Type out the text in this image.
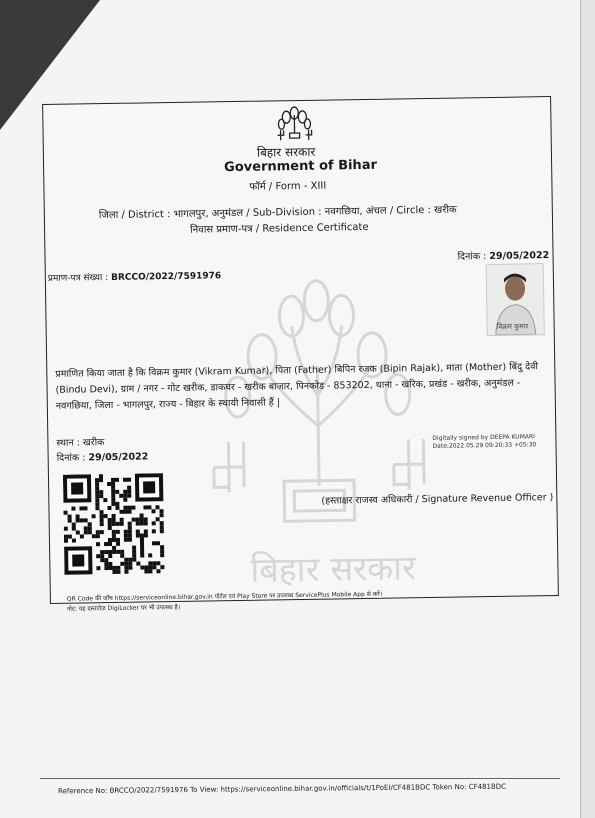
बिहार सरकार
बिहार सरकार
Government of Bihar
फॉर्म / Form - XIII
जिला / District : भागलपुर, अनुमंडल / Sub-Division : नवगछिया, अंचल / Circle : खरीक
निवास प्रमाण-पत्र / Residence Certificate
प्रमाण-पत्र संख्या : BRCCO/2022/7591976
दिनांक : 29/05/2022
विक्रम कुमार
प्रमाणित किया जाता है कि विक्रम कुमार (Vikram Kumar), पिता (Father) बिपिन रजक (Bipin Rajak), माता (Mother) बिंदु देवी (Bindu Devi), ग्राम / नगर - गोट खरीक, डाकघर - खरीक बाजार, पिनकोड - 853202, थाना - खरिक, प्रखंड - खरीक, अनुमंडल - नवगछिया, जिला - भागलपुर, राज्य - बिहार के स्थायी निवासी हैं |
स्थान : खरीक
दिनांक : 29/05/2022
Digitally signed by DEEPA KUMARI
Date:2022.05.29 09:20:33 +05:30
(हस्ताक्षर राजस्व अधिकारी / Signature Revenue Officer )
QR Code की जाँच https://serviceonline.bihar.gov.in पोर्टल एवं Play Store पर उपलब्ध ServicePlus Mobile App से करें।
नोट: यह दस्तावेज़ DigiLocker पर भी उपलब्ध है।
Reference No: BRCCO/2022/7591976 To View: https://serviceonline.bihar.gov.in/officials/t/1PoEI/CF481BDC Token No: CF481BDC
